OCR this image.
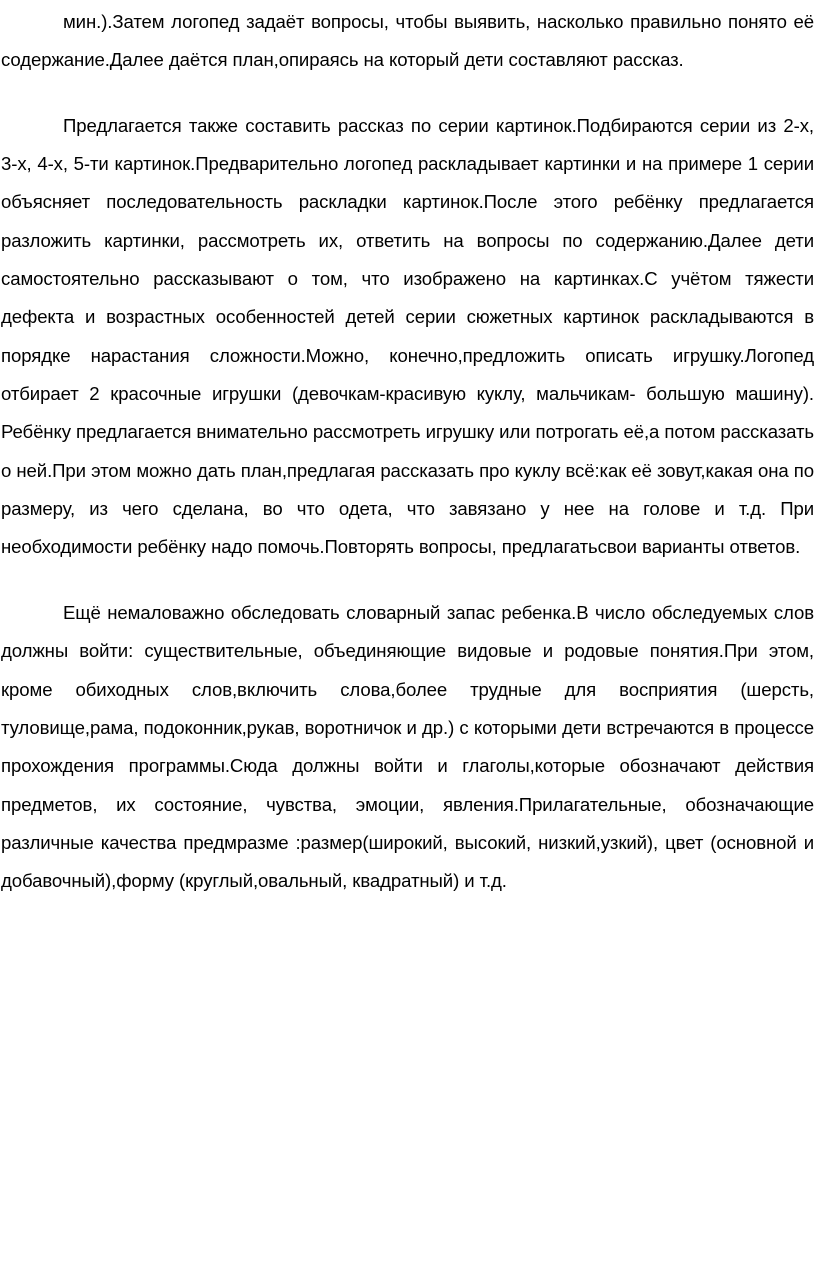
мин.).Затем логопед задаёт вопросы, чтобы выявить, насколько правильно понято её содержание.Далее даётся план,опираясь на который дети составляют рассказ.

Предлагается также составить рассказ по серии картинок.Подбираются серии из 2-х, 3-х, 4-х, 5-ти картинок.Предварительно логопед раскладывает картинки и на примере 1 серии объясняет последовательность раскладки картинок.После этого ребёнку предлагается разложить картинки, рассмотреть их, ответить на вопросы по содержанию.Далее дети самостоятельно рассказывают о том, что изображено на картинках.С учётом тяжести дефекта и возрастных особенностей детей серии сюжетных картинок раскладываются в порядке нарастания сложности.Можно, конечно,предложить описать игрушку.Логопед отбирает 2 красочные игрушки (девочкам-красивую куклу, мальчикам- большую машину). Ребёнку предлагается внимательно рассмотреть игрушку или потрогать её,а потом рассказать о ней.При этом можно дать план,предлагая рассказать про куклу всё:как её зовут,какая она по размеру, из чего сделана, во что одета, что завязано у нее на голове и т.д. При необходимости ребёнку надо помочь.Повторять вопросы, предлагатьсвои варианты ответов.

Ещё немаловажно обследовать словарный запас ребенка.В число обследуемых слов должны войти: существительные, объединяющие видовые и родовые понятия.При этом, кроме обиходных слов,включить слова,более трудные для восприятия (шерсть, туловище,рама, подоконник,рукав, воротничок и др.) с которыми дети встречаются в процессе прохождения программы.Сюда должны войти и глаголы,которые обозначают действия предметов, их состояние, чувства, эмоции, явления.Прилагательные, обозначающие различные качества предмразме :размер(широкий, высокий, низкий,узкий), цвет (основной и добавочный),форму (круглый,овальный, квадратный) и т.д.
